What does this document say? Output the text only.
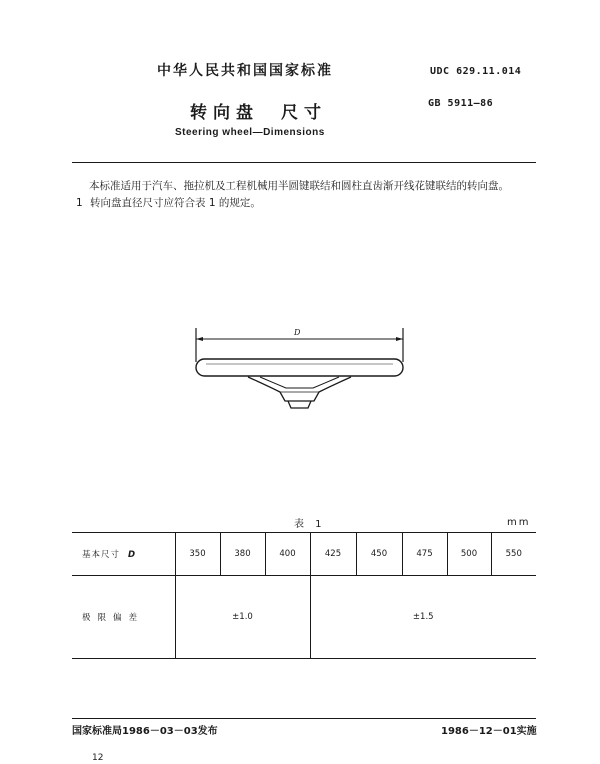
中华人民共和国国家标准	UDC 629.11.014
GB 5911—86
转向盘 尺寸
Steering wheel—Dimensions
本标准适用于汽车、拖拉机及工程机械用半圆键联结和圆柱直齿渐开线花键联结的转向盘。
1 转向盘直径尺寸应符合表 1 的规定。
D
表 1	mm
基本尺寸 D	350	380	400	425	450	475	500	550
极限偏差	±1.0			±1.5				
国家标准局1986－03－03发布	1986－12－01实施
12
